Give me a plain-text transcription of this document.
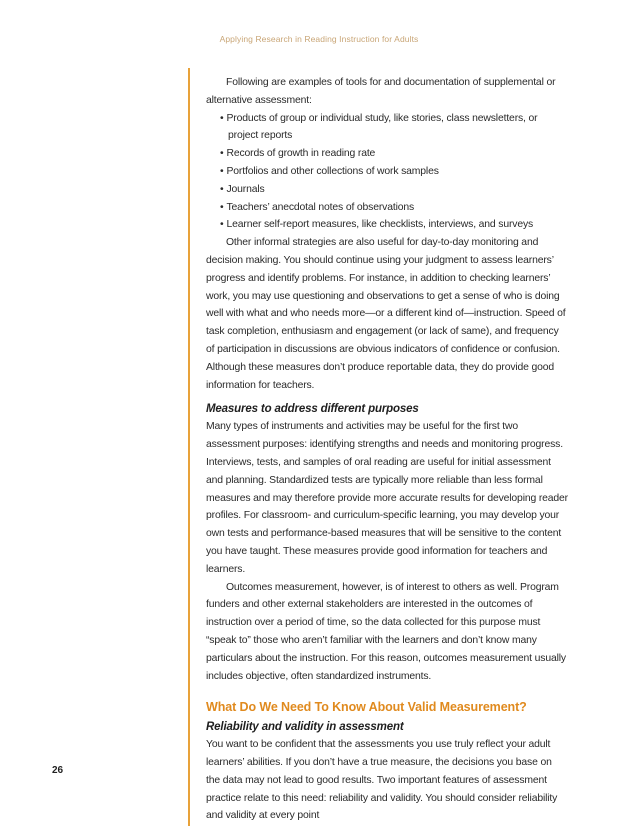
Applying Research in Reading Instruction for Adults
26

Following are examples of tools for and documentation of supplemental or alternative assessment:

• Products of group or individual study, like stories, class newsletters, or project reports
• Records of growth in reading rate
• Portfolios and other collections of work samples
• Journals
• Teachers’ anecdotal notes of observations
• Learner self-report measures, like checklists, interviews, and surveys

Other informal strategies are also useful for day-to-day monitoring and decision making. You should continue using your judgment to assess learners’ progress and identify problems. For instance, in addition to checking learners’ work, you may use questioning and observations to get a sense of who is doing well with what and who needs more—or a different kind of—instruction. Speed of task completion, enthusiasm and engagement (or lack of same), and frequency of participation in discussions are obvious indicators of confidence or confusion. Although these measures don’t produce reportable data, they do provide good information for teachers.

Measures to address different purposes

Many types of instruments and activities may be useful for the first two assessment purposes: identifying strengths and needs and monitoring progress. Interviews, tests, and samples of oral reading are useful for initial assessment and planning. Standardized tests are typically more reliable than less formal measures and may therefore provide more accurate results for developing reader profiles. For classroom- and curriculum-specific learning, you may develop your own tests and performance-based measures that will be sensitive to the content you have taught. These measures provide good information for teachers and learners.

Outcomes measurement, however, is of interest to others as well. Program funders and other external stakeholders are interested in the outcomes of instruction over a period of time, so the data collected for this purpose must “speak to” those who aren’t familiar with the learners and don’t know many particulars about the instruction. For this reason, outcomes measurement usually includes objective, often standardized instruments.

What Do We Need To Know About Valid Measurement?
Reliability and validity in assessment

You want to be confident that the assessments you use truly reflect your adult learners’ abilities. If you don’t have a true measure, the decisions you base on the data may not lead to good results. Two important features of assessment practice relate to this need: reliability and validity. You should consider reliability and validity at every point
